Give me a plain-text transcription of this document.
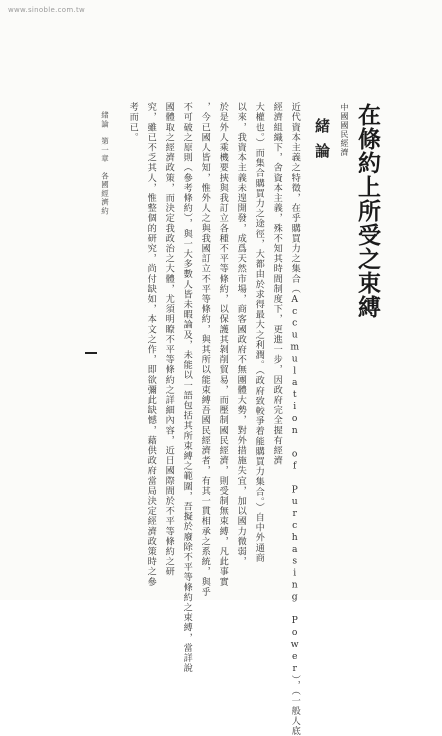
www.sinoble.com.tw
中國國民經濟 在條約上所受之束縛
緒論
近代資本主義之特徵，在乎購買力之集合（Accumulation of Purchasing Power），（一般人底
經濟組織下，舍資本主義，殊不知其時間制度下，更進一步，因政府完全握有經濟
大權也。）而集合購買力之途徑，大都由於求得最大之利潤。（政府致較爭着能購買力集合。）自中外通商
以來，我資本主義未遑開發，成爲天然市場，商客國政府不無團體大勢，對外措施失宜，加以國力微弱，
於是外人乘機要挾與我訂立各種不平等條約，以保護其剝削貿易，而壓制國民經濟，則受制無束縛，凡此事實
，今已國人皆知，惟外人之與我國訂立不平等條約，與其所以能束縛吾國民經濟者，有其一貫相承之系統，與乎
不可破之原則（參考條約），與一大多數人皆未暇論及，未能以一語包括其所束縛之範圍，吾擬於廢除不平等條約之束縛，當詳說
國體取之經濟政策，而決定我政治之大體，尤須明瞭不平等條約之詳細內容，近日國際間於不平等條約之研
究，雖已不乏其人，惟整個的研究，尚付缺如，本文之作，即欲彌此缺憾，藉供政府當局決定經濟政策時之參
考而已。
緒論　第一章　各國經濟約
